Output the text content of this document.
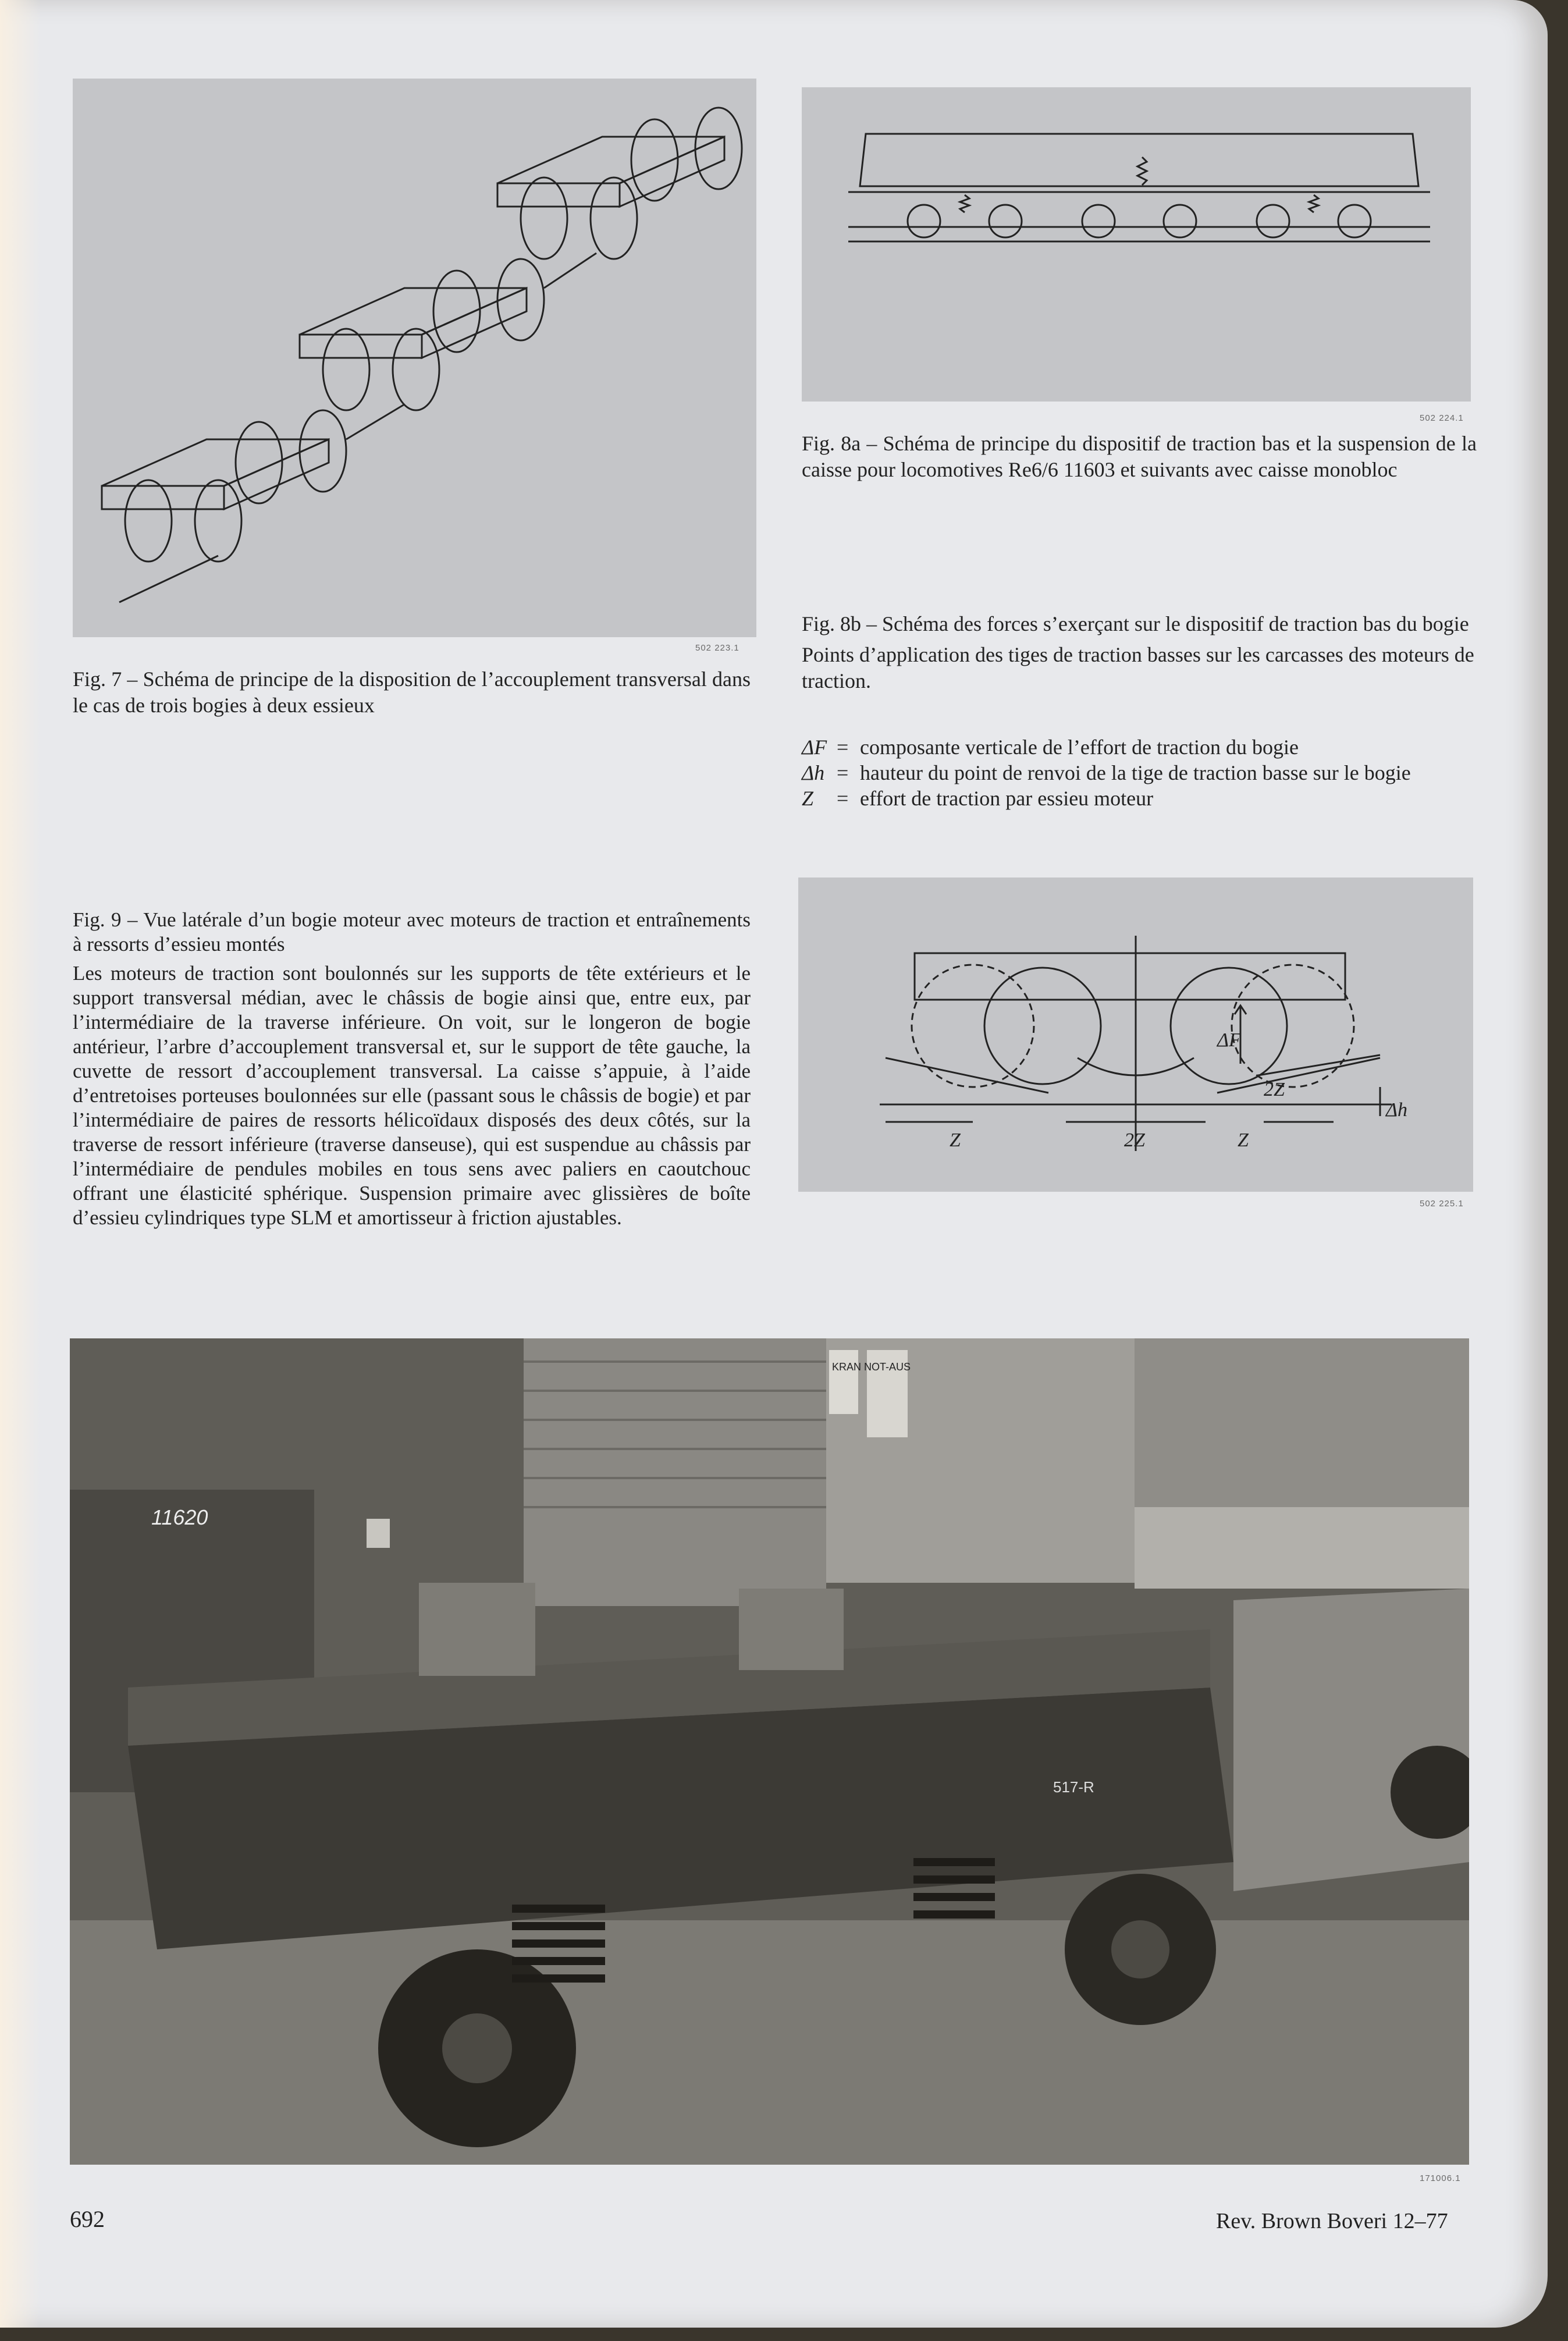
502 223.1
Fig. 7 – Schéma de principe de la disposition de l’accouplement transversal dans le cas de trois bogies à deux essieux
502 224.1
Fig. 8a – Schéma de principe du dispositif de traction bas et la suspension de la caisse pour locomotives Re6/6 11603 et suivants avec caisse monobloc

Fig. 8b – Schéma des forces s’exerçant sur le dispositif de traction bas du bogie

Points d’application des tiges de traction basses sur les carcasses des moteurs de traction.

ΔF = composante verticale de l’effort de traction du bogie
Δh = hauteur du point de renvoi de la tige de traction basse sur le bogie
Z	= effort de traction par essieu moteur
Z	2Z	Z
2Z
ΔF
Δh
502 225.1

Fig. 9 – Vue latérale d’un bogie moteur avec moteurs de traction et entraînements à ressorts d’essieu montés

Les moteurs de traction sont boulonnés sur les supports de tête extérieurs et le support transversal médian, avec le châssis de bogie ainsi que, entre eux, par l’intermédiaire de la traverse inférieure. On voit, sur le longeron de bogie antérieur, l’arbre d’accouplement transversal et, sur le support de tête gauche, la cuvette de ressort d’accouplement transversal. La caisse s’appuie, à l’aide d’entretoises porteuses boulonnées sur elle (passant sous le châssis de bogie) et par l’intermédiaire de paires de ressorts hélicoïdaux disposés des deux côtés, sur la traverse de ressort inférieure (traverse danseuse), qui est suspendue au châssis par l’intermédiaire de pendules mobiles en tous sens avec paliers en caoutchouc offrant une élasticité sphérique. Suspension primaire avec glissières de boîte d’essieu cylindriques type SLM et amortisseur à friction ajustables.

KRAN NOT-AUS
11620
517-R
171006.1
692	Rev. Brown Boveri 12–77
